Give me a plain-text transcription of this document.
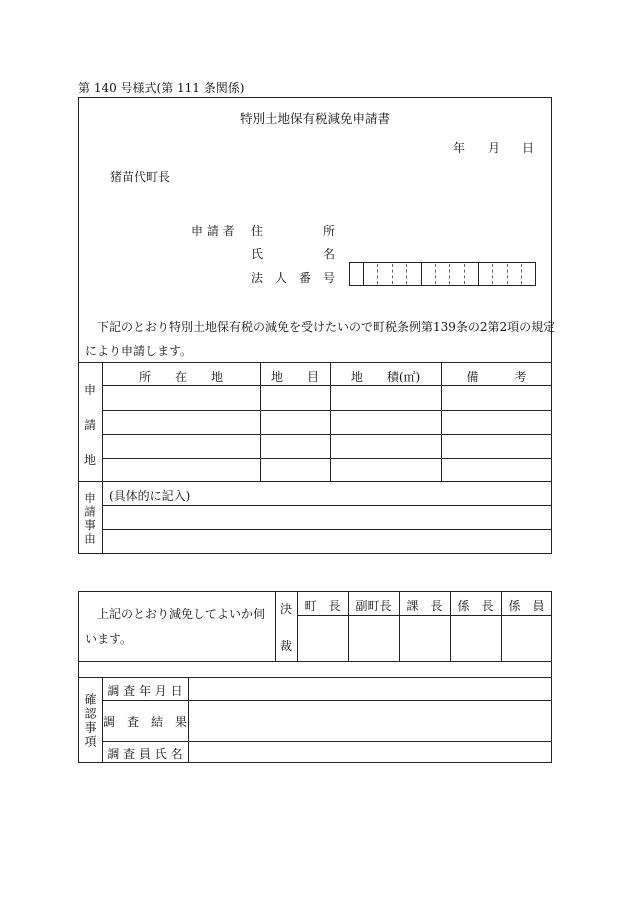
第 140 号様式(第 111 条関係)
特別土地保有税減免申請書
年 月 日
猪苗代町長
申 請 者 住　　　　　所
氏　　　　　名
法　人　番　号
下記のとおり特別土地保有税の減免を受けたいので町税条例第139条の2第2項の規定
により申請します。
申
請
地
所　　在　　地	地　　目	地　　積(㎡)	備　　　考
申請事由	(具体的に記入)
上記のとおり減免してよいか伺
います。
決
裁
町　長	副町長	課　長	係　長	係　員
確認事項
調 査 年 月 日
調　査　結　果
調 査 員 氏 名
